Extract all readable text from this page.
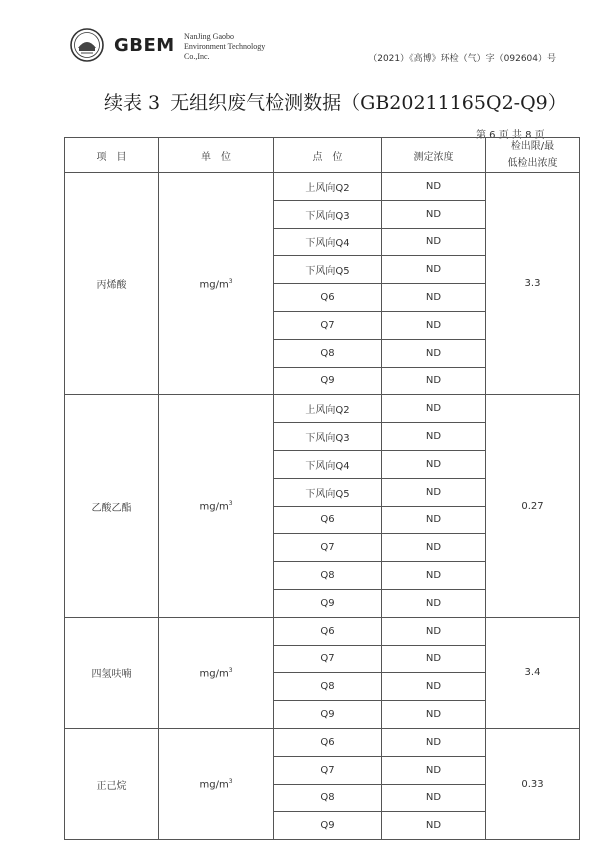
GBEM NanJing Gaobo
Environment Technology
Co.,Inc.	（2021）《高博》环检（气）字（092604）号
续表 3 无组织废气检测数据（GB20211165Q2-Q9）
第 6 页 共 8 页
项　目	单　位	点　位	测定浓度	检出限/最
低检出浓度

丙烯酸	$mg/m^3$	上风向Q2	ND	3.3
		下风向Q3	ND	
		下风向Q4	ND	
		下风向Q5	ND	
		Q6	ND	
		Q7	ND	
		Q8	ND	
		Q9	ND	
乙酸乙酯	$mg/m^3$	上风向Q2	ND	0.27
		下风向Q3	ND	
		下风向Q4	ND	
		下风向Q5	ND	
		Q6	ND	
		Q7	ND	
		Q8	ND	
		Q9	ND	
四氢呋喃	$mg/m^3$	Q6	ND	3.4
		Q7	ND	
		Q8	ND	
		Q9	ND	
正己烷	$mg/m^3$	Q6	ND	0.33
		Q7	ND	
		Q8	ND	
		Q9	ND	
